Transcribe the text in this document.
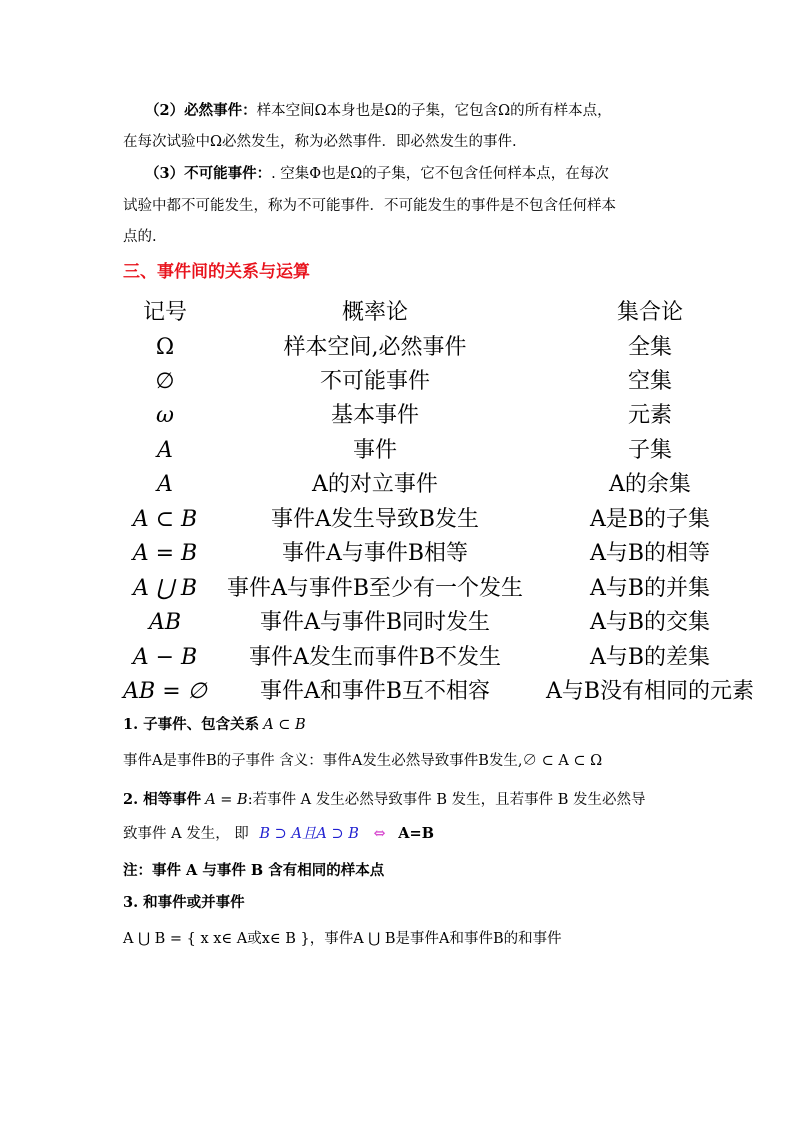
（2）必然事件：样本空间Ω本身也是Ω的子集，它包含Ω的所有样本点，
在每次试验中Ω必然发生，称为必然事件．即必然发生的事件.
（3）不可能事件：. 空集Φ也是Ω的子集，它不包含任何样本点，在每次
试验中都不可能发生，称为不可能事件．不可能发生的事件是不包含任何样本
点的.
三、事件间的关系与运算
记号	概率论	集合论
Ω	样本空间,必然事件	全集
∅	不可能事件	空集
ω	基本事件	元素
A	事件	子集
A	A的对立事件	A的余集
A ⊂ B	事件A发生导致B发生	A是B的子集
A = B	事件A与事件B相等	A与B的相等
A ⋃ B	事件A与事件B至少有一个发生	A与B的并集
AB	事件A与事件B同时发生	A与B的交集
A − B	事件A发生而事件B不发生	A与B的差集
AB = ∅	事件A和事件B互不相容	A与B没有相同的元素
1. 子事件、包含关系 A ⊂ B
事件A是事件B的子事件 含义：事件A发生必然导致事件B发生,∅ ⊂ A ⊂ Ω
2. 相等事件 A = B:若事件 A 发生必然导致事件 B 发生，且若事件 B 发生必然导
致事件 A 发生， 即 B ⊃ A且A ⊃ B ⇔ A=B
注：事件 A 与事件 B 含有相同的样本点
3. 和事件或并事件
A ⋃ B = { x x∈ A或x∈ B }，事件A ⋃ B是事件A和事件B的和事件
